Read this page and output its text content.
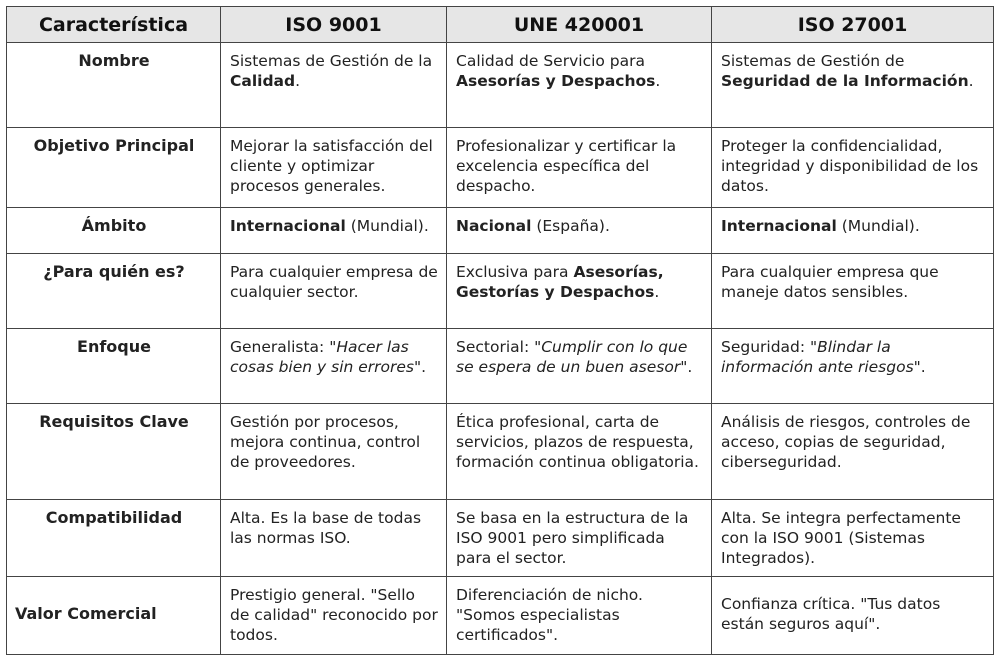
Característica	ISO 9001	UNE 420001	ISO 27001
Nombre	Sistemas de Gestión de la Calidad.	Calidad de Servicio para Asesorías y Despachos.	Sistemas de Gestión de Seguridad de la Información.
Objetivo Principal	Mejorar la satisfacción del cliente y optimizar procesos generales.	Profesionalizar y certificar la excelencia específica del despacho.	Proteger la confidencialidad, integridad y disponibilidad de los datos.
Ámbito	Internacional (Mundial).	Nacional (España).	Internacional (Mundial).
¿Para quién es?	Para cualquier empresa de cualquier sector.	Exclusiva para Asesorías, Gestorías y Despachos.	Para cualquier empresa que maneje datos sensibles.
Enfoque	Generalista: "Hacer las cosas bien y sin errores".	Sectorial: "Cumplir con lo que se espera de un buen asesor".	Seguridad: "Blindar la información ante riesgos".
Requisitos Clave	Gestión por procesos, mejora continua, control de proveedores.	Ética profesional, carta de servicios, plazos de respuesta, formación continua obligatoria.	Análisis de riesgos, controles de acceso, copias de seguridad, ciberseguridad.
Compatibilidad	Alta. Es la base de todas las normas ISO.	Se basa en la estructura de la ISO 9001 pero simplificada para el sector.	Alta. Se integra perfectamente con la ISO 9001 (Sistemas Integrados).
Valor Comercial	Prestigio general. "Sello de calidad" reconocido por todos.	Diferenciación de nicho. "Somos especialistas certificados".	Confianza crítica. "Tus datos están seguros aquí".
